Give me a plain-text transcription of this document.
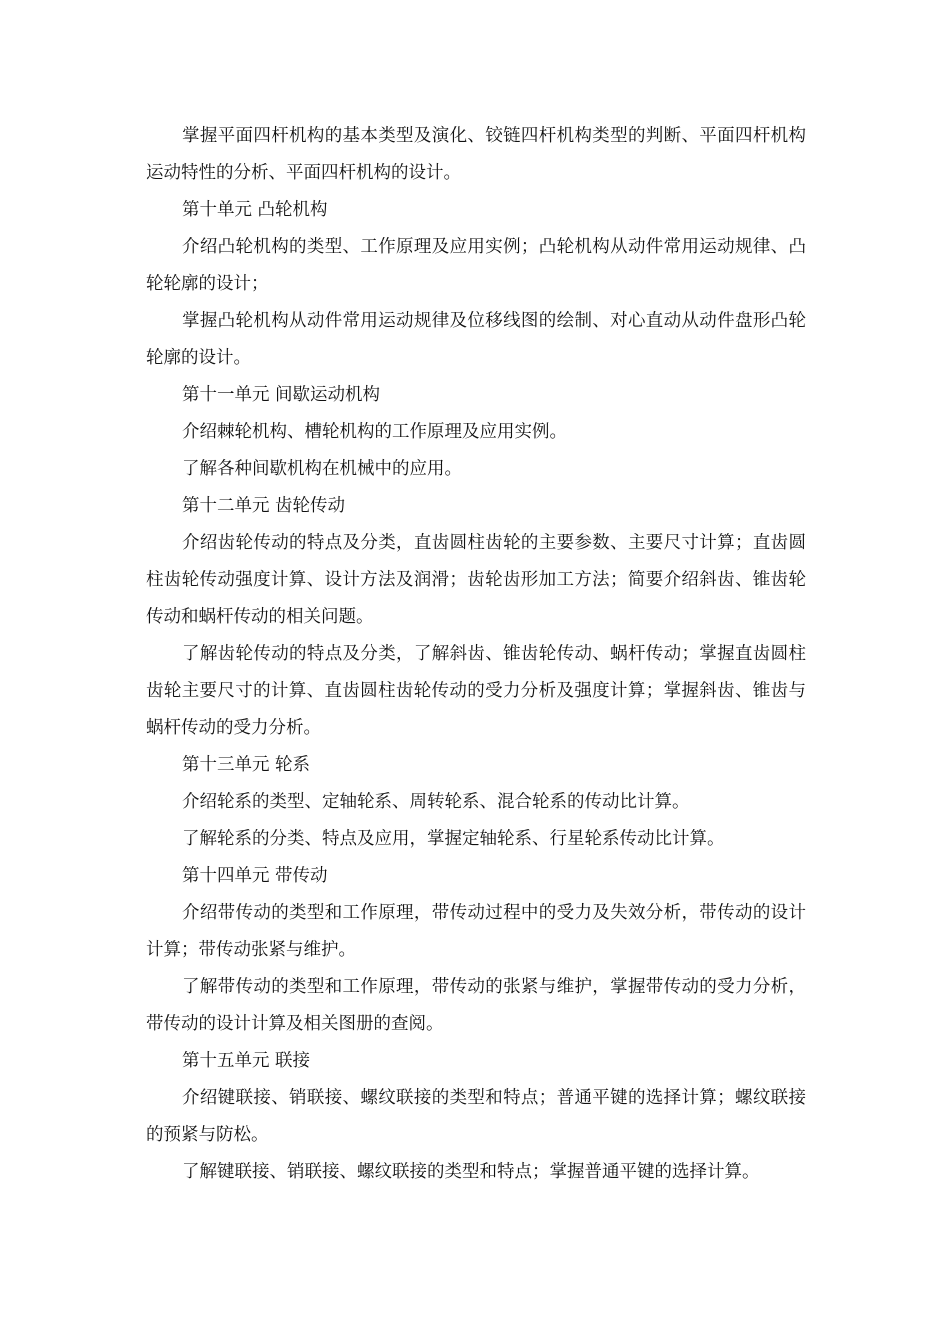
掌握平面四杆机构的基本类型及演化、铰链四杆机构类型的判断、平面四杆机构运动特性的分析、平面四杆机构的设计。

第十单元 凸轮机构

介绍凸轮机构的类型、工作原理及应用实例；凸轮机构从动件常用运动规律、凸轮轮廓的设计；

掌握凸轮机构从动件常用运动规律及位移线图的绘制、对心直动从动件盘形凸轮轮廓的设计。

第十一单元 间歇运动机构

介绍棘轮机构、槽轮机构的工作原理及应用实例。

了解各种间歇机构在机械中的应用。

第十二单元 齿轮传动

介绍齿轮传动的特点及分类，直齿圆柱齿轮的主要参数、主要尺寸计算；直齿圆柱齿轮传动强度计算、设计方法及润滑；齿轮齿形加工方法；简要介绍斜齿、锥齿轮传动和蜗杆传动的相关问题。

了解齿轮传动的特点及分类，了解斜齿、锥齿轮传动、蜗杆传动；掌握直齿圆柱齿轮主要尺寸的计算、直齿圆柱齿轮传动的受力分析及强度计算；掌握斜齿、锥齿与蜗杆传动的受力分析。

第十三单元 轮系

介绍轮系的类型、定轴轮系、周转轮系、混合轮系的传动比计算。

了解轮系的分类、特点及应用，掌握定轴轮系、行星轮系传动比计算。

第十四单元 带传动

介绍带传动的类型和工作原理，带传动过程中的受力及失效分析，带传动的设计计算；带传动张紧与维护。

了解带传动的类型和工作原理，带传动的张紧与维护，掌握带传动的受力分析，带传动的设计计算及相关图册的查阅。

第十五单元 联接

介绍键联接、销联接、螺纹联接的类型和特点；普通平键的选择计算；螺纹联接的预紧与防松。

了解键联接、销联接、螺纹联接的类型和特点；掌握普通平键的选择计算。
